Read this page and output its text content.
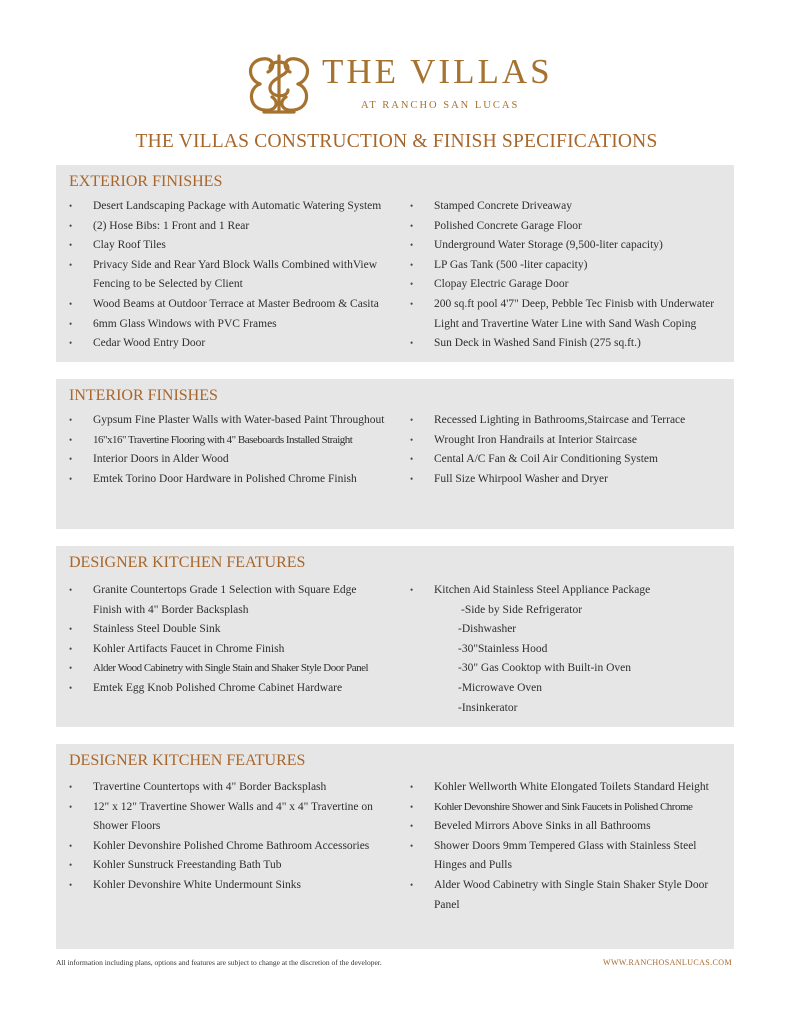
THE VILLAS
AT RANCHO SAN LUCAS
THE VILLAS CONSTRUCTION & FINISH SPECIFICATIONS
EXTERIOR FINISHES
• Desert Landscaping Package with Automatic Watering System
• (2) Hose Bibs: 1 Front and 1 Rear
• Clay Roof Tiles
• Privacy Side and Rear Yard Block Walls Combined withView Fencing to be Selected by Client
• Wood Beams at Outdoor Terrace at Master Bedroom & Casita
• 6mm Glass Windows with PVC Frames
• Cedar Wood Entry Door
• Stamped Concrete Driveaway
• Polished Concrete Garage Floor
• Underground Water Storage (9,500-liter capacity)
• LP Gas Tank (500 -liter capacity)
• Clopay Electric Garage Door
• 200 sq.ft pool 4'7" Deep, Pebble Tec Finisb with Underwater Light and Travertine Water Line with Sand Wash Coping
• Sun Deck in Washed Sand Finish (275 sq.ft.)
INTERIOR FINISHES
• Gypsum Fine Plaster Walls with Water-based Paint Throughout
• 16"x16" Travertine Flooring with 4" Baseboards Installed Straight
• Interior Doors in Alder Wood
• Emtek Torino Door Hardware in Polished Chrome Finish
• Recessed Lighting in Bathrooms,Staircase and Terrace
• Wrought Iron Handrails at Interior Staircase
• Cental A/C Fan & Coil Air Conditioning System
• Full Size Whirpool Washer and Dryer
DESIGNER KITCHEN FEATURES
• Granite Countertops Grade 1 Selection with Square Edge Finish with 4" Border Backsplash
• Stainless Steel Double Sink
• Kohler Artifacts Faucet in Chrome Finish
• Alder Wood Cabinetry with Single Stain and Shaker Style Door Panel
• Emtek Egg Knob Polished Chrome Cabinet Hardware
• Kitchen Aid Stainless Steel Appliance Package
-Side by Side Refrigerator
-Dishwasher
-30"Stainless Hood
-30" Gas Cooktop with Built-in Oven
-Microwave Oven
-Insinkerator
DESIGNER KITCHEN FEATURES
• Travertine Countertops with 4" Border Backsplash
• 12" x 12" Travertine Shower Walls and 4" x 4" Travertine on Shower Floors
• Kohler Devonshire Polished Chrome Bathroom Accessories
• Kohler Sunstruck Freestanding Bath Tub
• Kohler Devonshire White Undermount Sinks
• Kohler Wellworth White Elongated Toilets Standard Height
• Kohler Devonshire Shower and Sink Faucets in Polished Chrome
• Beveled Mirrors Above Sinks in all Bathrooms
• Shower Doors 9mm Tempered Glass with Stainless Steel Hinges and Pulls
• Alder Wood Cabinetry with Single Stain Shaker Style Door Panel
All information including plans, options and features are subject to change at the discretion of the developer.	WWW.RANCHOSANLUCAS.COM
